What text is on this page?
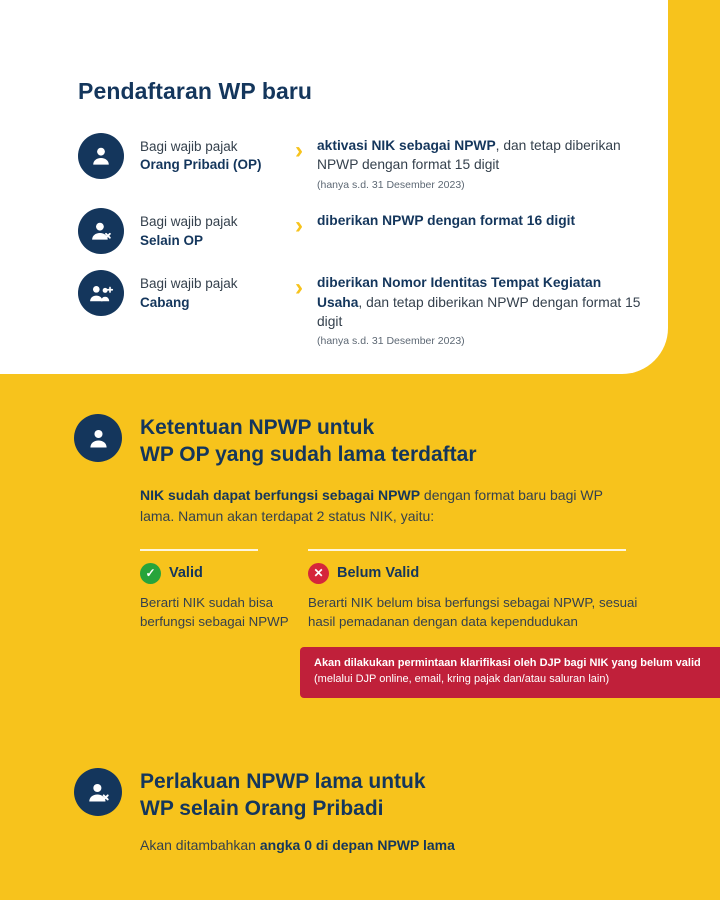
Pendaftaran WP baru
Bagi wajib pajak
Orang Pribadi (OP)
›	aktivasi NIK sebagai NPWP, dan tetap diberikan NPWP dengan format 15 digit
(hanya s.d. 31 Desember 2023)
Bagi wajib pajak
Selain OP
›	diberikan NPWP dengan format 16 digit
Bagi wajib pajak
Cabang
›	diberikan Nomor Identitas Tempat Kegiatan Usaha, dan tetap diberikan NPWP dengan format 15 digit
(hanya s.d. 31 Desember 2023)
Ketentuan NPWP untuk
WP OP yang sudah lama terdaftar
NIK sudah dapat berfungsi sebagai NPWP dengan format baru bagi WP lama. Namun akan terdapat 2 status NIK, yaitu:
✓ Valid
Berarti NIK sudah bisa berfungsi sebagai NPWP
✕ Belum Valid
Berarti NIK belum bisa berfungsi sebagai NPWP, sesuai hasil pemadanan dengan data kependudukan
Akan dilakukan permintaan klarifikasi oleh DJP bagi NIK yang belum valid (melalui DJP online, email, kring pajak dan/atau saluran lain)
Perlakuan NPWP lama untuk
WP selain Orang Pribadi
Akan ditambahkan angka 0 di depan NPWP lama
